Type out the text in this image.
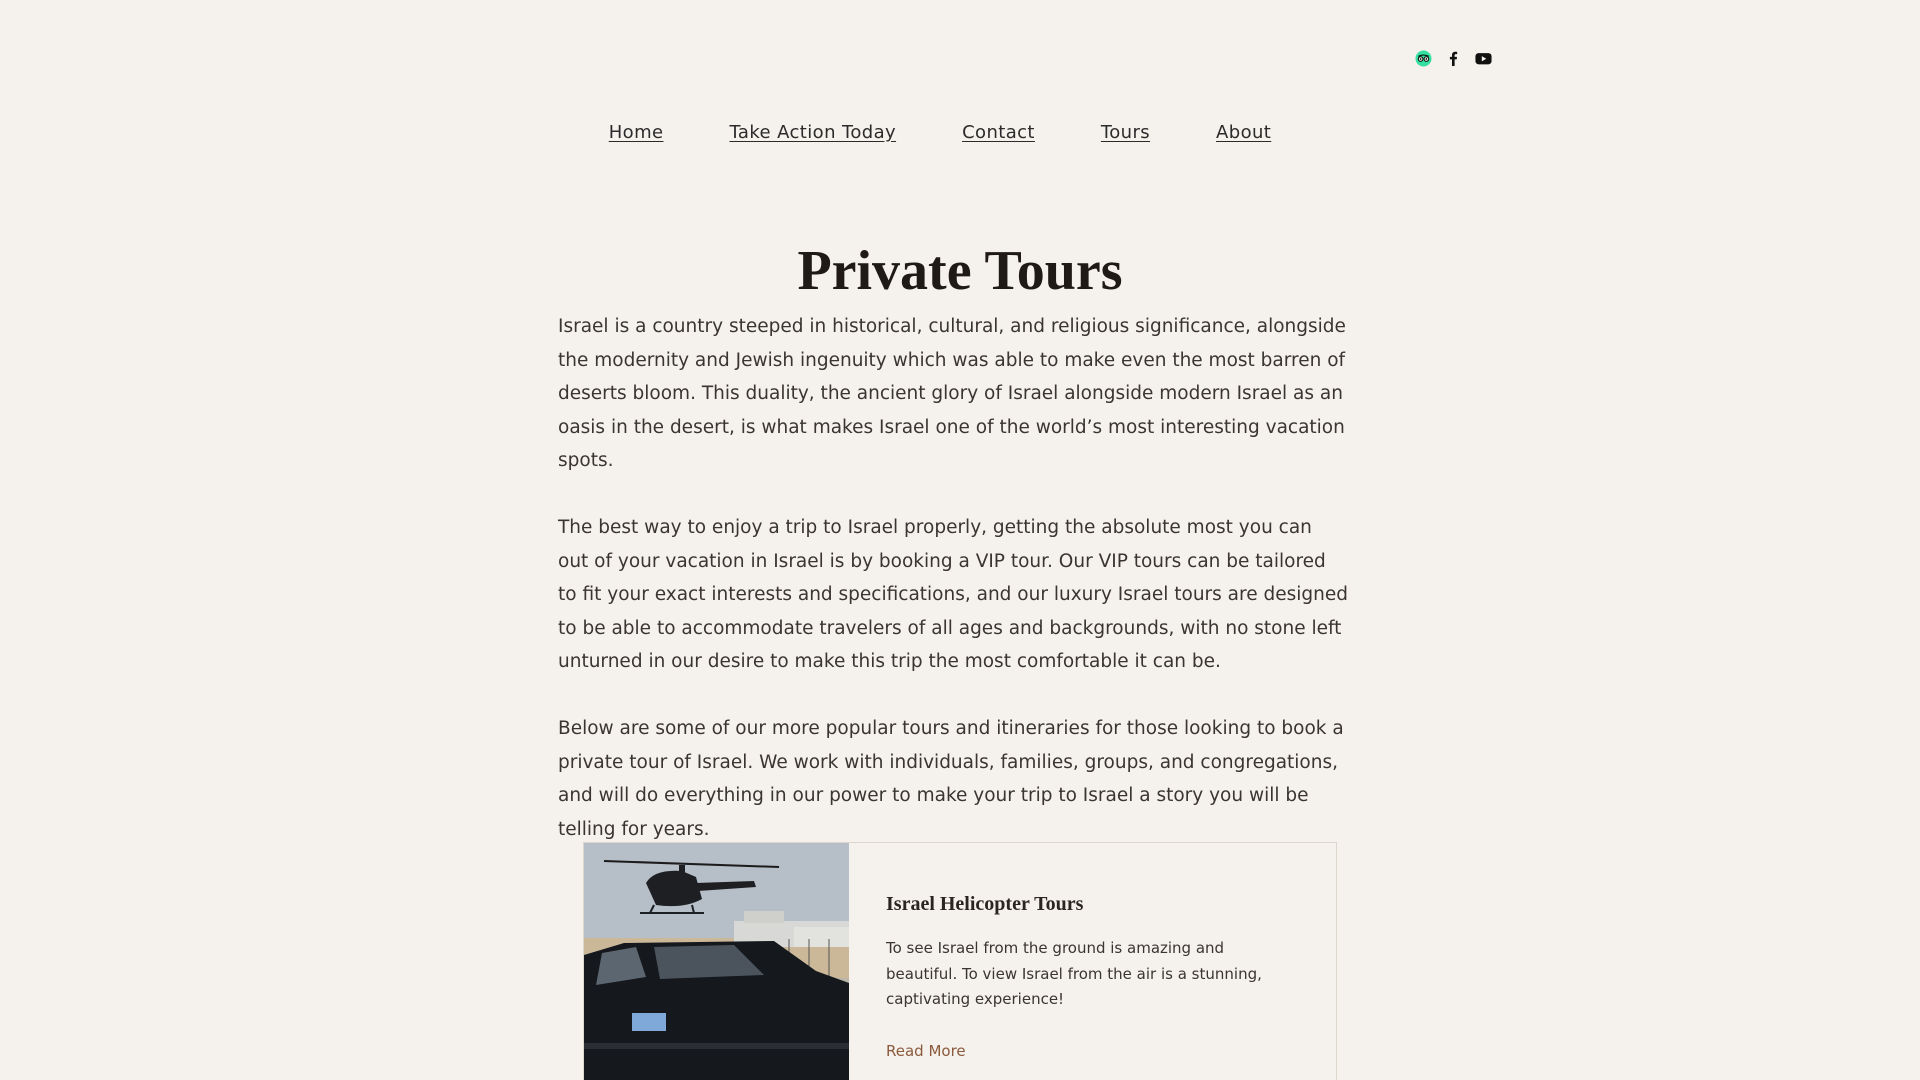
Home	Take Action Today	Contact	Tours	About
Private Tours

Israel is a country steeped in historical, cultural, and religious significance, alongside the modernity and Jewish ingenuity which was able to make even the most barren of deserts bloom. This duality, the ancient glory of Israel alongside modern Israel as an oasis in the desert, is what makes Israel one of the world’s most interesting vacation spots.

The best way to enjoy a trip to Israel properly, getting the absolute most you can out of your vacation in Israel is by booking a VIP tour. Our VIP tours can be tailored to fit your exact interests and specifications, and our luxury Israel tours are designed to be able to accommodate travelers of all ages and backgrounds, with no stone left unturned in our desire to make this trip the most comfortable it can be.

Below are some of our more popular tours and itineraries for those looking to book a private tour of Israel. We work with individuals, families, groups, and congregations, and will do everything in our power to make your trip to Israel a story you will be telling for years.

Israel Helicopter Tours

To see Israel from the ground is amazing and beautiful. To view Israel from the air is a stunning, captivating experience!

Read More
